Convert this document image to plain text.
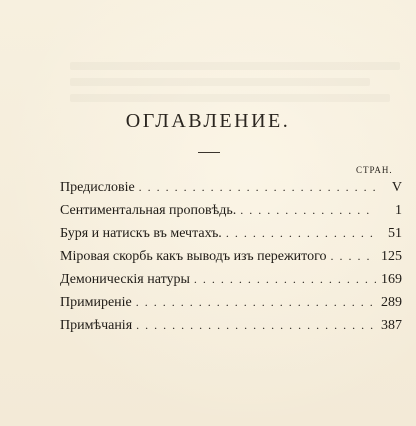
ОГЛАВЛЕНИЕ.
СТРАН.
Предисловіе . . .	V
Сентиментальная проповѣдь. . . .	1
Буря и натискъ въ мечтахъ. . . .	51
Міровая скорбь какъ выводъ изъ пережитого . . .	125
Демоническія натуры . . .	169
Примиреніе . . .	289
Примѣчанія . . .	387
